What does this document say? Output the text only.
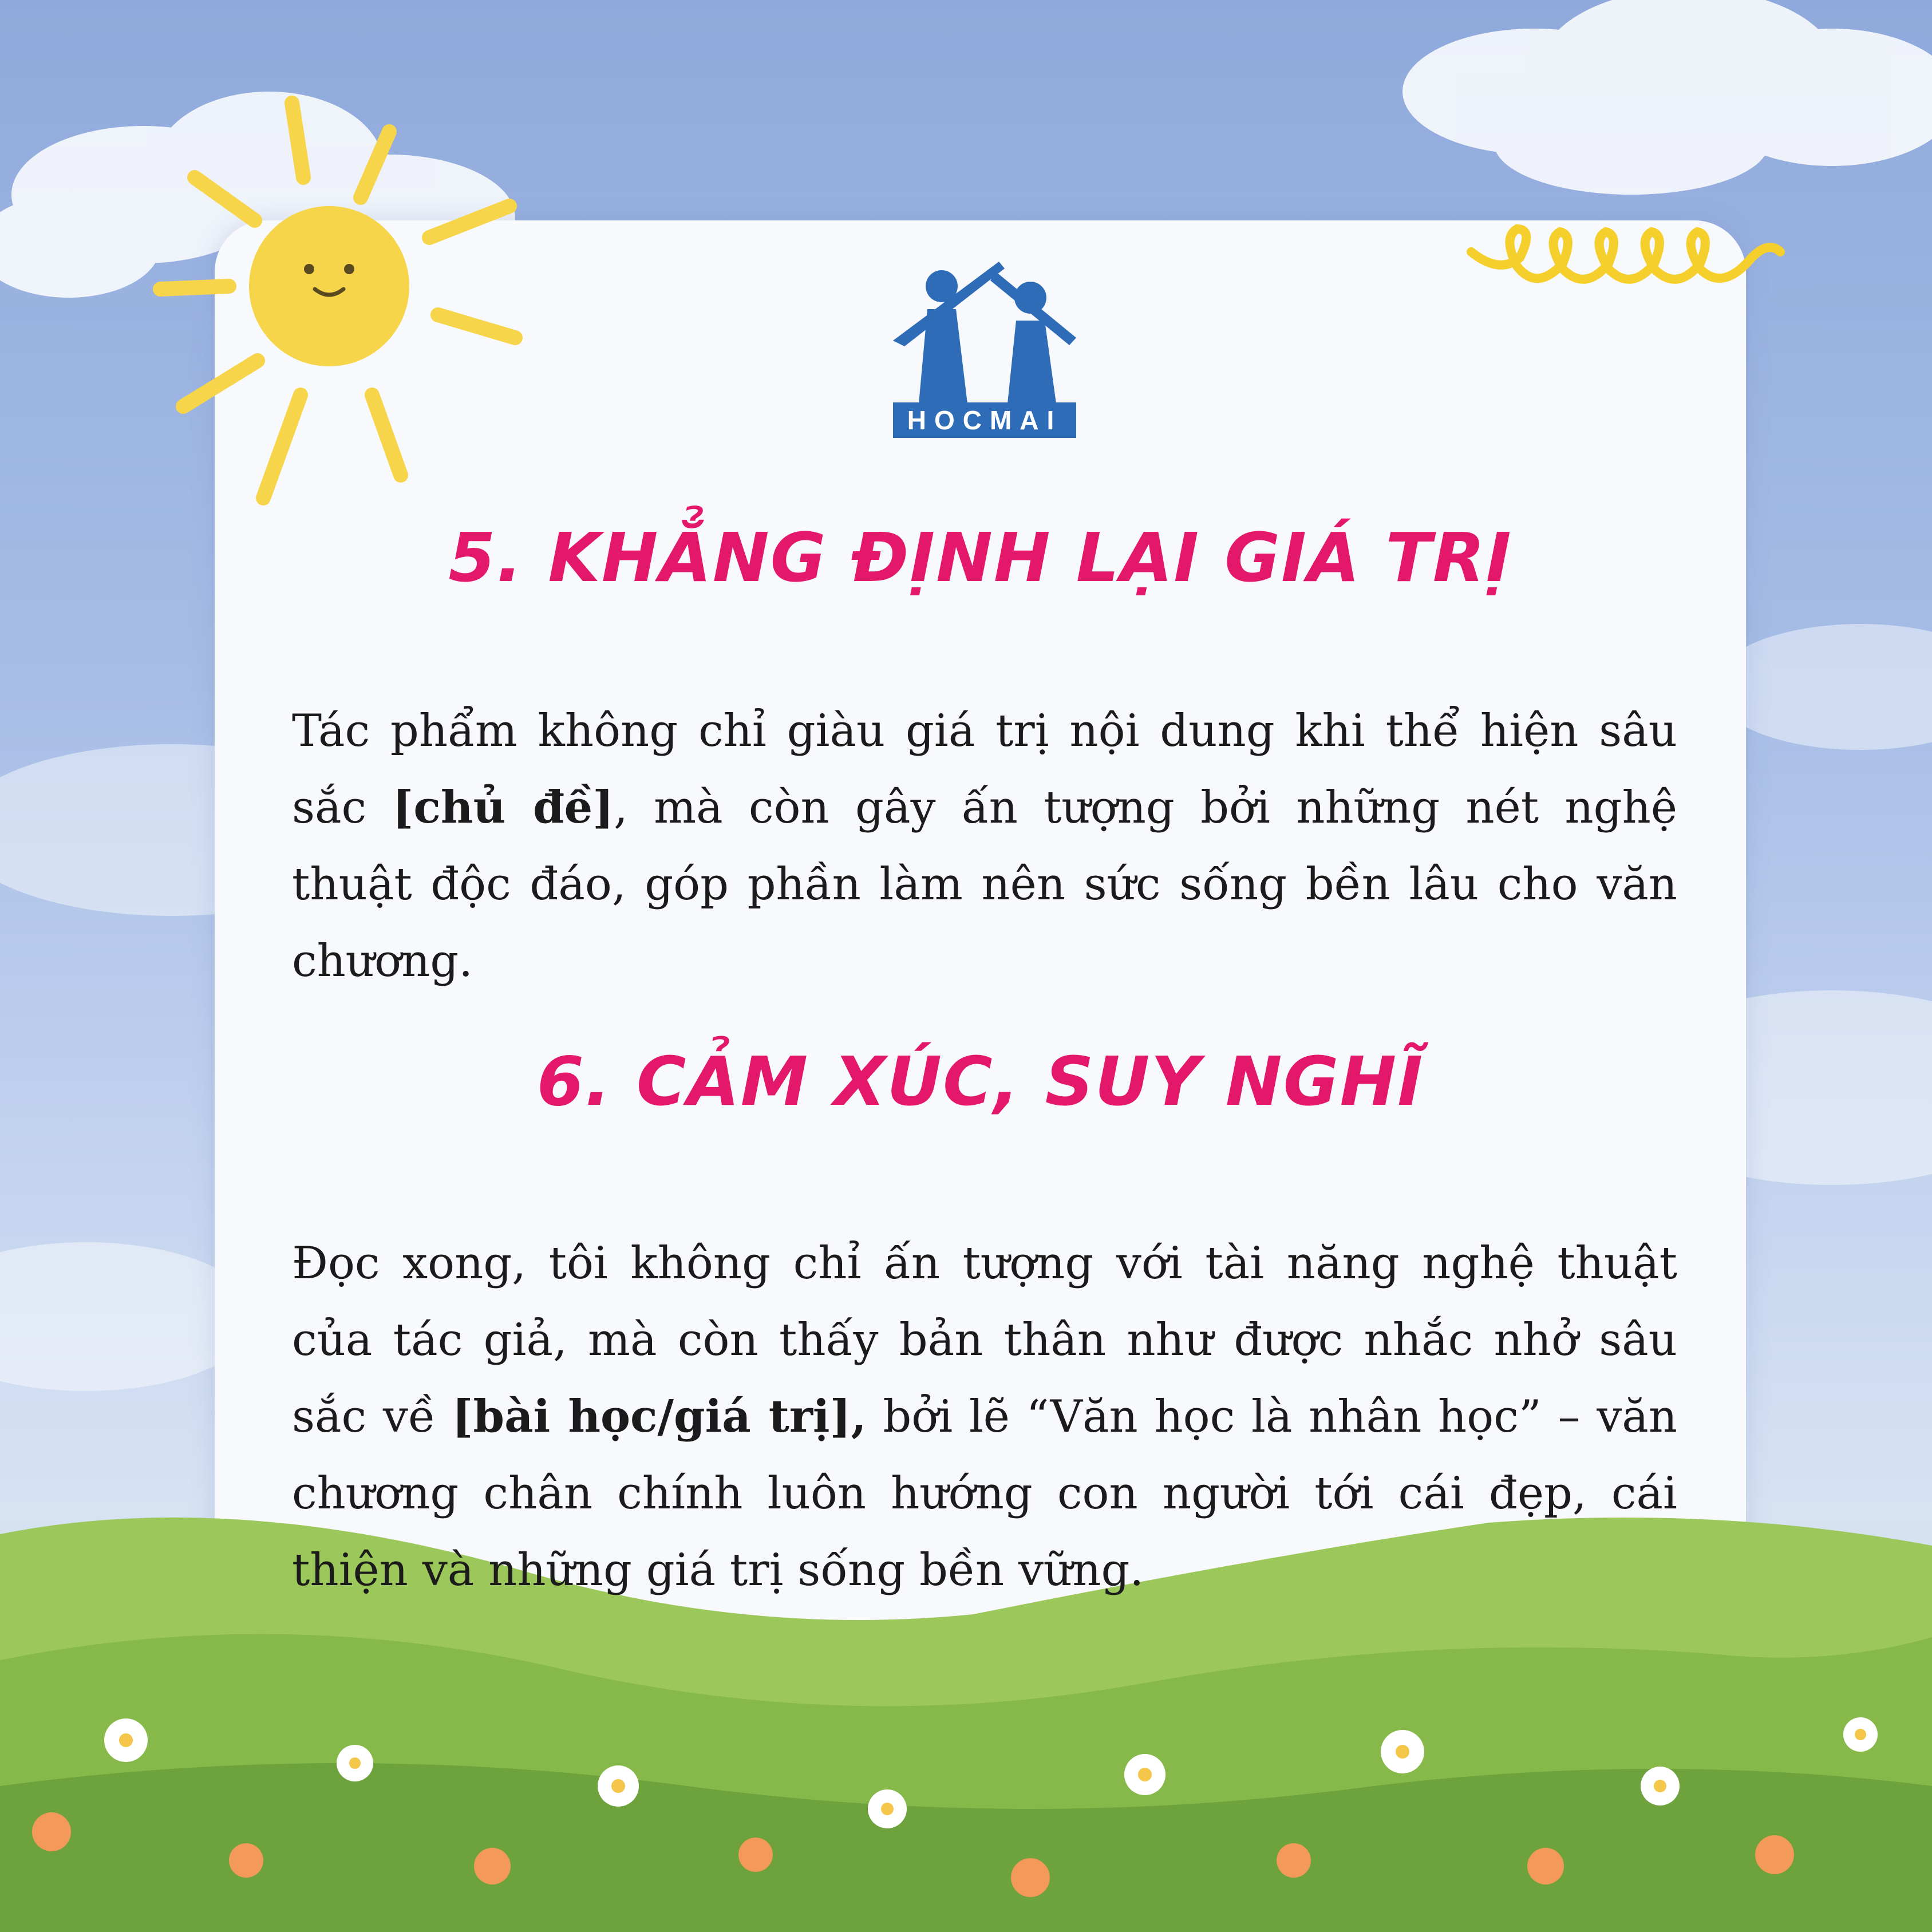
HOCMAI
5. KHẲNG ĐỊNH LẠI GIÁ TRỊ
Tác phẩm không chỉ giàu giá trị nội dung khi thể hiện sâu sắc [chủ đề], mà còn gây ấn tượng bởi những nét nghệ thuật độc đáo, góp phần làm nên sức sống bền lâu cho văn chương.
6. CẢM XÚC, SUY NGHĨ
Đọc xong, tôi không chỉ ấn tượng với tài năng nghệ thuật của tác giả, mà còn thấy bản thân như được nhắc nhở sâu sắc về [bài học/giá trị], bởi lẽ “Văn học là nhân học” – văn chương chân chính luôn hướng con người tới cái đẹp, cái thiện và những giá trị sống bền vững.
